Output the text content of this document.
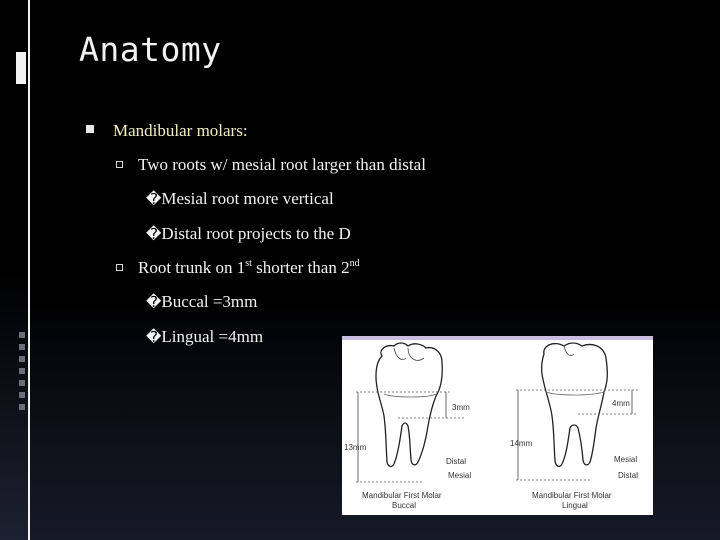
Anatomy
Mandibular molars:
Two roots w/ mesial root larger than distal
�Mesial root more vertical
�Distal root projects to the D
Root trunk on 1st shorter than 2nd
�Buccal =3mm
�Lingual =4mm
3mm
13mm
Distal
Mesial
Mandibular First Molar
Buccal
4mm
14mm
Mesial
Distal
Mandibular First Molar
Lingual
